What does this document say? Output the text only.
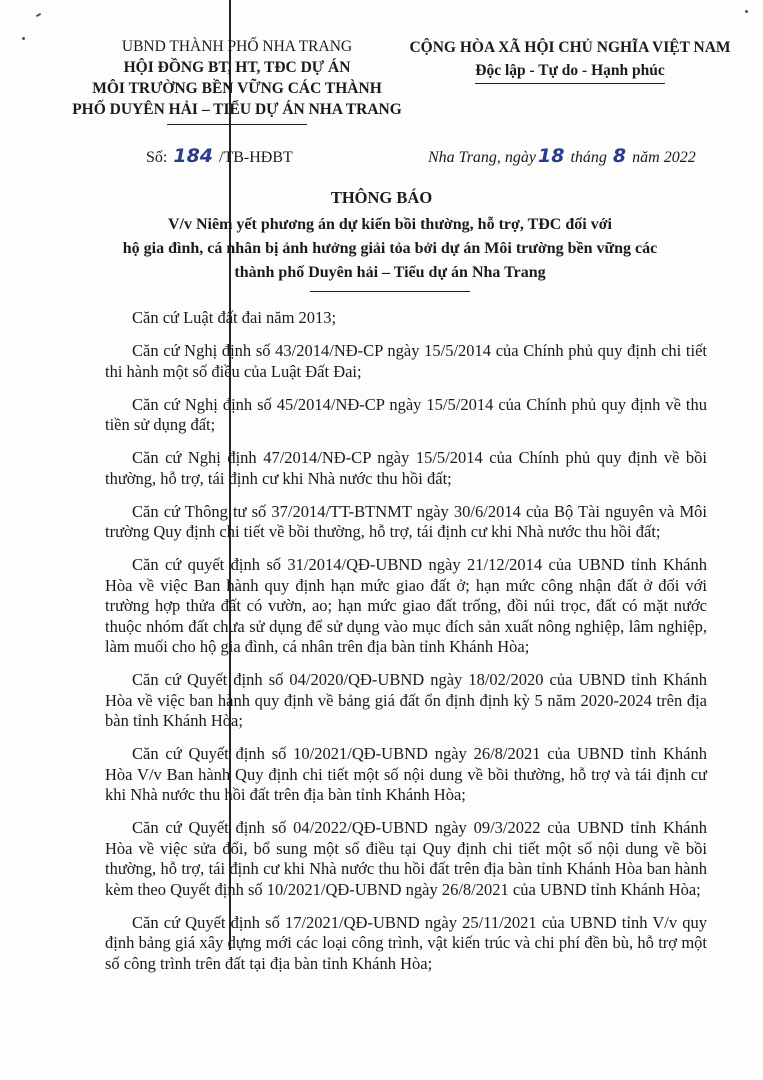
UBND THÀNH PHỐ NHA TRANG
HỘI ĐỒNG BT, HT, TĐC DỰ ÁN
MÔI TRƯỜNG BỀN VỮNG CÁC THÀNH
PHỐ DUYÊN HẢI – TIỂU DỰ ÁN NHA TRANG
CỘNG HÒA XÃ HỘI CHỦ NGHĨA VIỆT NAM
Độc lập - Tự do - Hạnh phúc
Số: 184 /TB-HĐBT	Nha Trang, ngày 18 tháng 8 năm 2022
THÔNG BÁO
V/v Niêm yết phương án dự kiến bồi thường, hỗ trợ, TĐC đối với
hộ gia đình, cá nhân bị ảnh hưởng giải tỏa bởi dự án Môi trường bền vững các
thành phố Duyên hải – Tiểu dự án Nha Trang

Căn cứ Luật đất đai năm 2013;

Căn cứ Nghị định số 43/2014/NĐ-CP ngày 15/5/2014 của Chính phủ quy định chi tiết thi hành một số điều của Luật Đất Đai;

Căn cứ Nghị định số 45/2014/NĐ-CP ngày 15/5/2014 của Chính phủ quy định về thu tiền sử dụng đất;

Căn cứ Nghị định 47/2014/NĐ-CP ngày 15/5/2014 của Chính phủ quy định về bồi thường, hỗ trợ, tái định cư khi Nhà nước thu hồi đất;

Căn cứ Thông tư số 37/2014/TT-BTNMT ngày 30/6/2014 của Bộ Tài nguyên và Môi trường Quy định chi tiết về bồi thường, hỗ trợ, tái định cư khi Nhà nước thu hồi đất;

Căn cứ quyết định số 31/2014/QĐ-UBND ngày 21/12/2014 của UBND tỉnh Khánh Hòa về việc Ban hành quy định hạn mức giao đất ở; hạn mức công nhận đất ở đối với trường hợp thửa đất có vườn, ao; hạn mức giao đất trống, đồi núi trọc, đất có mặt nước thuộc nhóm đất chưa sử dụng để sử dụng vào mục đích sản xuất nông nghiệp, lâm nghiệp, làm muối cho hộ gia đình, cá nhân trên địa bàn tỉnh Khánh Hòa;

Căn cứ Quyết định số 04/2020/QĐ-UBND ngày 18/02/2020 của UBND tỉnh Khánh Hòa về việc ban hành quy định về bảng giá đất ổn định định kỳ 5 năm 2020-2024 trên địa bàn tỉnh Khánh Hòa;

Căn cứ Quyết định số 10/2021/QĐ-UBND ngày 26/8/2021 của UBND tỉnh Khánh Hòa V/v Ban hành Quy định chi tiết một số nội dung về bồi thường, hỗ trợ và tái định cư khi Nhà nước thu hồi đất trên địa bàn tỉnh Khánh Hòa;

Căn cứ Quyết định số 04/2022/QĐ-UBND ngày 09/3/2022 của UBND tỉnh Khánh Hòa về việc sửa đổi, bổ sung một số điều tại Quy định chi tiết một số nội dung về bồi thường, hỗ trợ, tái định cư khi Nhà nước thu hồi đất trên địa bàn tỉnh Khánh Hòa ban hành kèm theo Quyết định số 10/2021/QĐ-UBND ngày 26/8/2021 của UBND tỉnh Khánh Hòa;

Căn cứ Quyết định số 17/2021/QĐ-UBND ngày 25/11/2021 của UBND tỉnh V/v quy định bảng giá xây dựng mới các loại công trình, vật kiến trúc và chi phí đền bù, hỗ trợ một số công trình trên đất tại địa bàn tỉnh Khánh Hòa;
